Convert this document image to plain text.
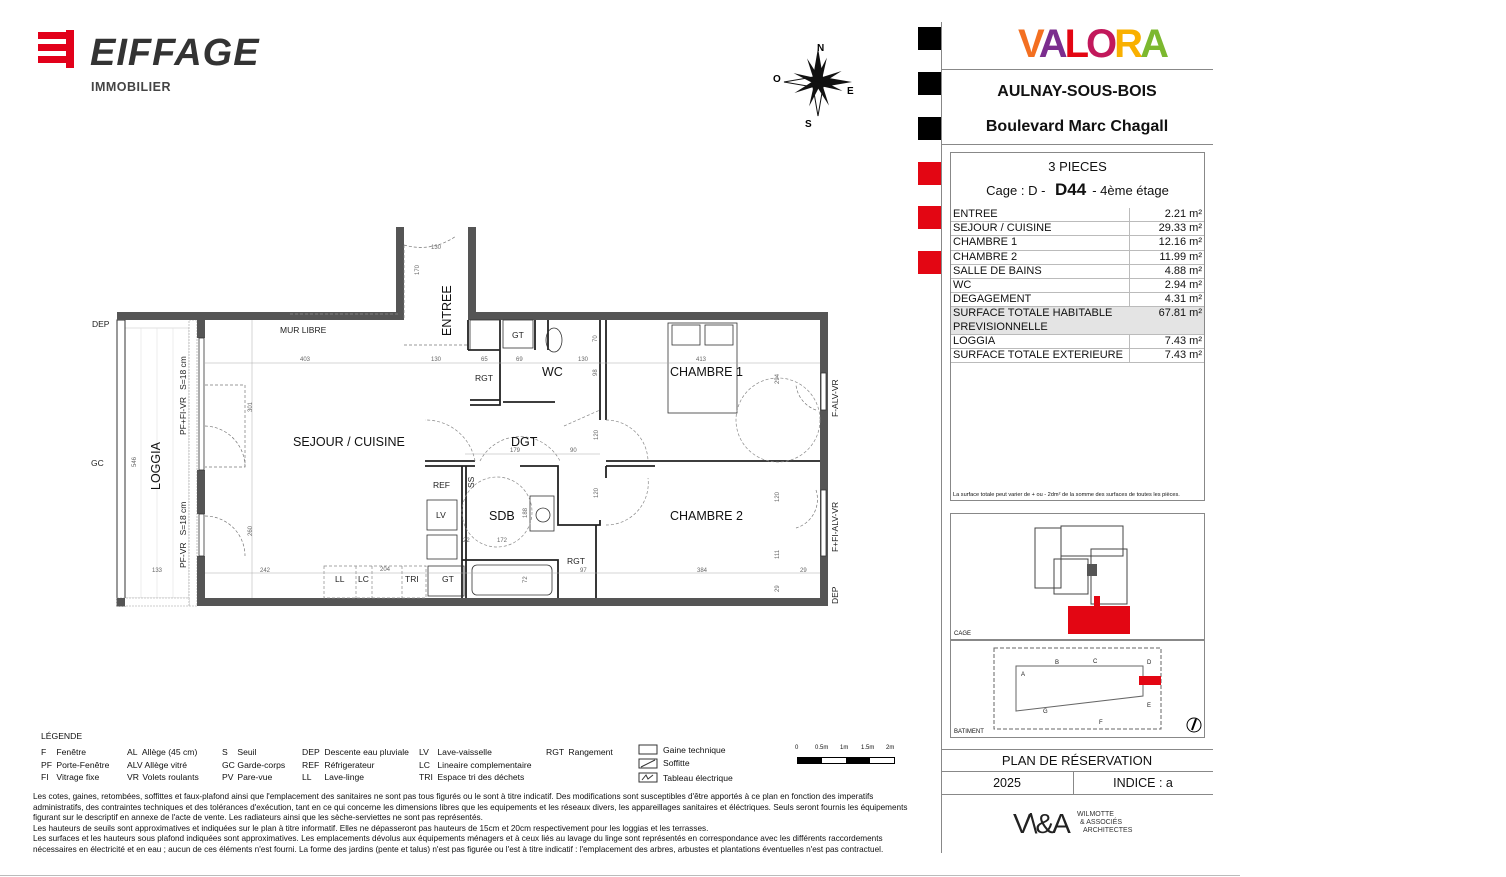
EIFFAGE
IMMOBILIER
N
O
E
S
SEJOUR / CUISINE
ENTREE
LOGGIA
WC	CHAMBRE 1
DGT
SDB	CHAMBRE 2
RGT
GT
REF
LV
LL LC	TRI	GT
RGT
SS
MUR LIBRE
PF+FI-VR   S=18 cm
PF-VR   S=18 cm
F-ALV-VR
F+FI-ALV-VR
DEP
GC
DEP
403	130	65	69	130	413
301
546
260
242	204
133
130
170
179	90
120
120
70
98
188
22	172
72
97	384
294
120
111
29
29
VALORA
AULNAY-SOUS-BOIS
Boulevard Marc Chagall
3 PIECES
Cage : D - D44 - 4ème étage
ENTREE	2.21 m²
SEJOUR / CUISINE	29.33 m²
CHAMBRE 1	12.16 m²
CHAMBRE 2	11.99 m²
SALLE DE BAINS	4.88 m²
WC	2.94 m²
DEGAGEMENT	4.31 m²
SURFACE TOTALE HABITABLE PREVISIONNELLE
67.81 m²
LOGGIA	7.43 m²
SURFACE TOTALE EXTERIEURE	7.43 m²
La surface totale peut varier de + ou - 2dm² de la somme des surfaces de toutes les pièces.
CAGE
A
B	C	D
E
F
G
BATIMENT
PLAN DE RÉSERVATION
2025	INDICE : a
V\&A WILMOTTE
& ASSOCIÉS
ARCHITECTES
LÉGENDE
F Fenêtre
PF Porte-Fenêtre
FI Vitrage fixe
AL Allège (45 cm)
ALV Allège vitré
VR Volets roulants
S Seuil
GC Garde-corps
PV Pare-vue
DEP Descente eau pluviale
REF Réfrigerateur
LL Lave-linge
LV Lave-vaisselle
LC Lineaire complementaire
TRI Espace tri des déchets
RGT Rangement	Gaine technique
Soffitte
Tableau électrique
0	0.5m 1m 1.5m 2m
Les cotes, gaines, retombées, soffittes et faux-plafond ainsi que l'emplacement des sanitaires ne sont pas tous figurés ou le sont à titre indicatif. Des modifications sont susceptibles d'être apportés à ce plan en fonction des imperatifs administratifs, des contraintes techniques et des tolérances d'exécution, tant en ce qui concerne les dimensions libres que les equipements et les réseaux divers, les appareillages sanitaires et éléctriques. Seuls seront fournis les équipements figurant sur le descriptif en annexe de l'acte de vente. Les radiateurs ainsi que les sèche-serviettes ne sont pas représentés.
Les hauteurs de seuils sont approximatives et indiquées sur le plan à titre informatif. Elles ne dépasseront pas hauteurs de 15cm et 20cm respectivement pour les loggias et les terrasses.
Les surfaces et les hauteurs sous plafond indiquées sont approximatives. Les emplacements dévolus aux équipements ménagers et à ceux liés au lavage du linge sont représentés en correspondance avec les différents raccordements nécessaires en électricité et en eau ; aucun de ces éléments n'est fourni. La forme des jardins (pente et talus) n'est pas figurée ou l'est à titre indicatif : l'emplacement des arbres, arbustes et plantations éventuelles n'est pas contractuel.
